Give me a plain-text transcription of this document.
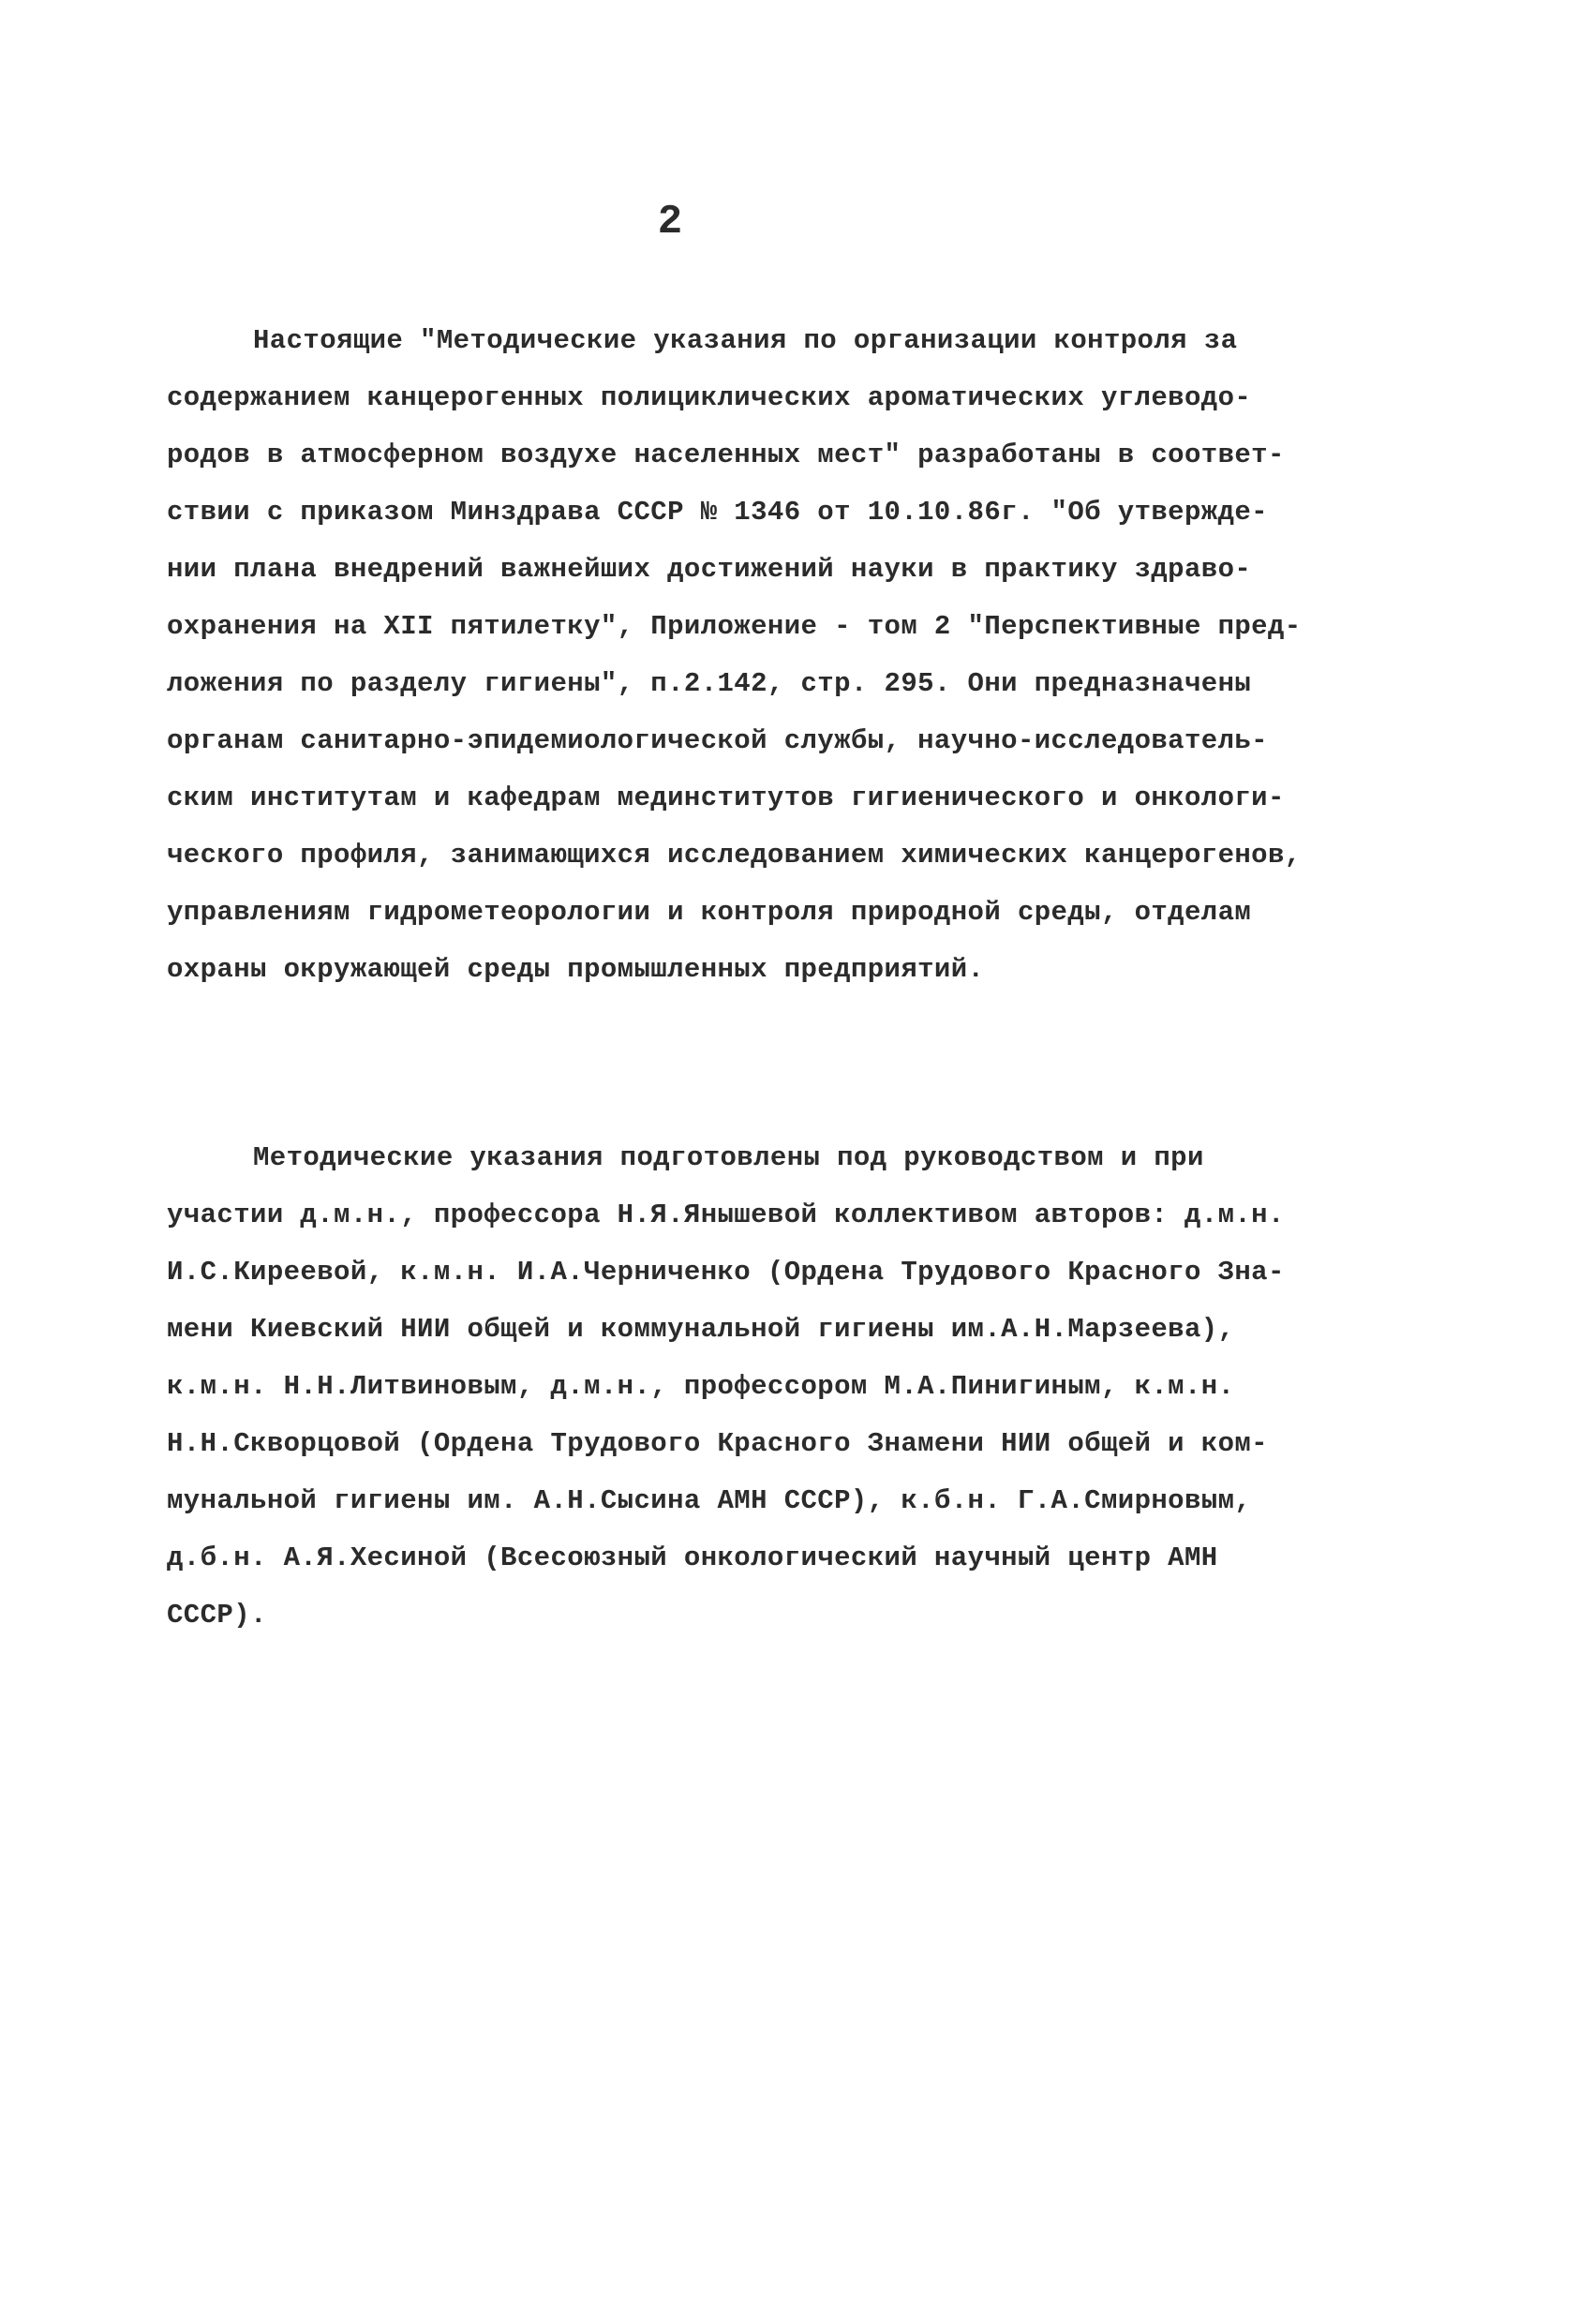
2

Настоящие "Методические указания по организации контроля за
содержанием канцерогенных полициклических ароматических углеводо-
родов в атмосферном воздухе населенных мест" разработаны в соответ-
ствии с приказом Минздрава СССР № 1346 от 10.10.86г. "Об утвержде-
нии плана внедрений важнейших достижений науки в практику здраво-
охранения на XII пятилетку", Приложение - том 2 "Перспективные пред-
ложения по разделу гигиены", п.2.142, стр. 295. Они предназначены
органам санитарно-эпидемиологической службы, научно-исследователь-
ским институтам и кафедрам мединститутов гигиенического и онкологи-
ческого профиля, занимающихся исследованием химических канцерогенов,
управлениям гидрометеорологии и контроля природной среды, отделам
охраны окружающей среды промышленных предприятий.

Методические указания подготовлены под руководством и при
участии д.м.н., профессора Н.Я.Янышевой коллективом авторов: д.м.н.
И.С.Киреевой, к.м.н. И.А.Черниченко (Ордена Трудового Красного Зна-
мени Киевский НИИ общей и коммунальной гигиены им.А.Н.Марзеева),
к.м.н. Н.Н.Литвиновым, д.м.н., профессором М.А.Пинигиным, к.м.н.
Н.Н.Скворцовой (Ордена Трудового Красного Знамени НИИ общей и ком-
мунальной гигиены им. А.Н.Сысина АМН СССР), к.б.н. Г.А.Смирновым,
д.б.н. А.Я.Хесиной (Всесоюзный онкологический научный центр АМН
СССР).
